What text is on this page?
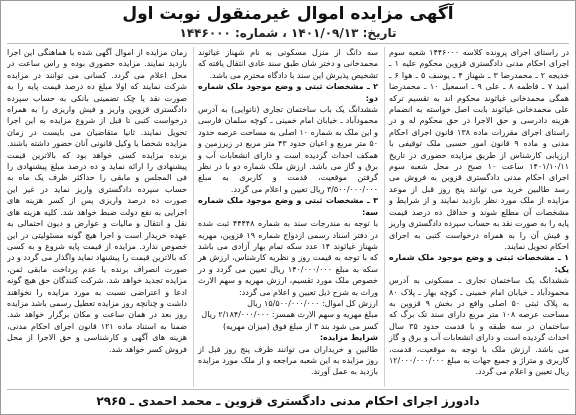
آگهی مزایده اموال غیرمنقول نوبت اول
تاریخ: ۱۴۰۱/۰۹/۱۳ ، شماره: ۱۴۴۶۰۰۰

در راستای اجرای پرونده کلاسه ۱۴۴۶۰۰۰ شعبه سوم اجرای احکام مدنی دادگستری قزوین محکوم علیه ۱ ـ خدیجه ۲ ـ محمدرضا ۳ ـ شهناز ۴ ـ یوسف ۵ ـ هوا ۶ ـ امید ۷ ـ فاطمه ۸ ـ علی ۹ ـ اسمعیل ۱۰ ـ محمدرضا همگی محمدخانی غیاثوند محکوم اند به تقسیم ترکه علی محمدخانی غیاثوند بابت اصل خواسته به انضمام هزینه دادرسی و حق الاجرا در حق محکوم له و در راستای اجرای مقررات ماده ۱۳۸ قانون اجرای احکام مدنی و ماده ۹ قانون امور حسبی ملک توقیفی با ارزیابی کارشناس از طریق مزایده حضوری در تاریخ ۱۴۰۱/۱۰/۱۱ ساعت ۱۰ صبح در محل شعبه سوم اجرای احکام مدنی دادگستری قزوین به فروش می رسد طالبین خرید می توانند پنج روز قبل از موعد مزایده از ملک مورد نظر بازدید نمایند و از شرایط و مشخصات آن مطلع شوند و حداقل ده درصد قیمت پایه را به صورت نقد به حساب سپرده دادگستری واریز و فیش آن را به همراه درخواست کتبی به اجرای احکام تحویل نمایند.

۱ ـ مشخصات ثبتی و وضع موجود ملک شماره یک:

ششدانگ یک ساختمان تجاری ـ مسکونی به آدرس محمودآباد ـ خیابان امام خمینی ـ کوچه بهار ـ پلاک ۸۰ به پلاک ثبتی ۵۰ اصلی واقع در بخش ۹ قزوین به مساحت عرصه ۱۰۸ متر مربع دارای سند تک برگ که ساختمان در سه طبقه و با قدمت حدود ۳۵ سال احداث گردیده است و دارای انشعابات آب و برق و گاز می باشد. ارزش ملک با توجه به موقعیت، قدمت، کاربری و متراژ و جمیع جهات به مبلغ ۱۲/۰۰۰/۰۰۰/۰۰۰ ریال تعیین و اعلام می گردد.

سه دانگ از منزل مسکونی به نام شهناز غیاثوند محمدخانی و دختر شان طبق سند عادی انتقال یافته که تشخیص پذیرش این سند با دادگاه محترم می باشد.

۲ ـ مشخصات ثبتی و وضع موجود ملک شماره دو:

ششدانگ یک باب ساختمان تجاری (نانوایی) به آدرس محمودآباد ـ خیابان امام خمینی ـ کوچه سلمان فارسی و این ملک به شماره ۱۰ اصلی به مساحت عرصه حدود ۵۰ متر مربع و اعیان حدود ۴۳ متر مربع در زیرزمین و همکف احداث گردیده است و دارای انشعابات آب و برق و گاز می باشد. ارزش ملک شماره دو با در نظر گرفتن موقعیت، قدمت و کاربری به مبلغ ۳/۵۰۰/۰۰۰/۰۰۰ ریال تعیین و اعلام می گردد.

۳ ـ مشخصات ثبتی و وضع موجود ملک شماره سه:

با توجه به مندرجات سند به شماره ۴۴۴۴۸ ثبت شده در دفتر اسناد رسمی ازدواج شماره ۱۹ قزوین، مهریه شهناز غیاثوند ۱۴ عدد سکه تمام بهار آزادی می باشد که با توجه به قیمت روز و نظریه کارشناس، ارزش هر سکه به مبلغ ۱۴۰/۰۰۰/۰۰۰ ریال تعیین می گردد و در خصوص ملک مورد تقسیم، ارزش مهریه و سهم الارث وراث به شرح ذیل تعیین و اعلام می گردد:

ارزش کل اموال: ۱۵/۵۰۰/۰۰۰/۰۰۰ ریال

مبلغ مهریه و سهم الارث همسر: ۲/۱۸۴/۰۰۰/۰۰۰ ریال

کسر می شود بند ۳ از مبلغ فوق (میزان مهریه)

شرایط مزایده:

طالبین و خریداران می توانند ظرف پنج روز قبل از روز مزایده به این شعبه مراجعه و از ملک مورد مزایده بازدید به عمل آورند.

زمان مزایده از اموال آگهی شده با هماهنگی این اجرا بازدید نمایند. مزایده حضوری بوده و راس ساعت در محل اعلام می گردد. کسانی می توانند در مزایده شرکت نمایند که اولا مبلغ ده درصد قیمت پایه را به صورت نقد یا چک تضمینی بانکی به حساب سپرده دادگستری قزوین واریز و فیش واریزی را به همراه درخواست کتبی تا قبل از شروع مزایده به این اجرا تحویل نمایند. ثانیا متقاضیان می بایست در زمان مزایده شخصا یا وکیل قانونی آنان حضور داشته باشند. برنده مزایده کسی خواهد بود که بالاترین قیمت پیشنهادی را ارائه نماید و ده درصد مبلغ پیشنهادی را فی المجلس و مابقی را حداکثر ظرف یک ماه به حساب سپرده دادگستری واریز نماید در غیر این صورت ده درصد واریزی پس از کسر هزینه های اجرایی به نفع دولت ضبط خواهد شد. کلیه هزینه های نقل و انتقال و مالیات و عوارض و دیون احتمالی به عهده خریدار است و اجرا هیچ گونه مسئولیتی در این خصوص ندارد. مزایده از قیمت پایه شروع و به کسی که بالاترین قیمت را پیشنهاد نماید واگذار می گردد و در صورت انصراف برنده یا عدم پرداخت مابقی ثمن، مزایده تجدید خواهد شد. شرکت کنندگان حق هیچ گونه ادعا و اعتراضی نسبت به مورد مزایده را نخواهند داشت و چنانچه روز مزایده تعطیل رسمی باشد مزایده روز بعد در همان ساعت و مکان برگزار خواهد شد. ضمنا به استناد ماده ۱۲۱ قانون اجرای احکام مدنی، هزینه های آگهی و کارشناسی و حق الاجرا از محل فروش کسر خواهد شد.

دادورز اجرای احکام مدنی دادگستری قزوین ـ محمد احمدی ـ ۲۹۶۵
